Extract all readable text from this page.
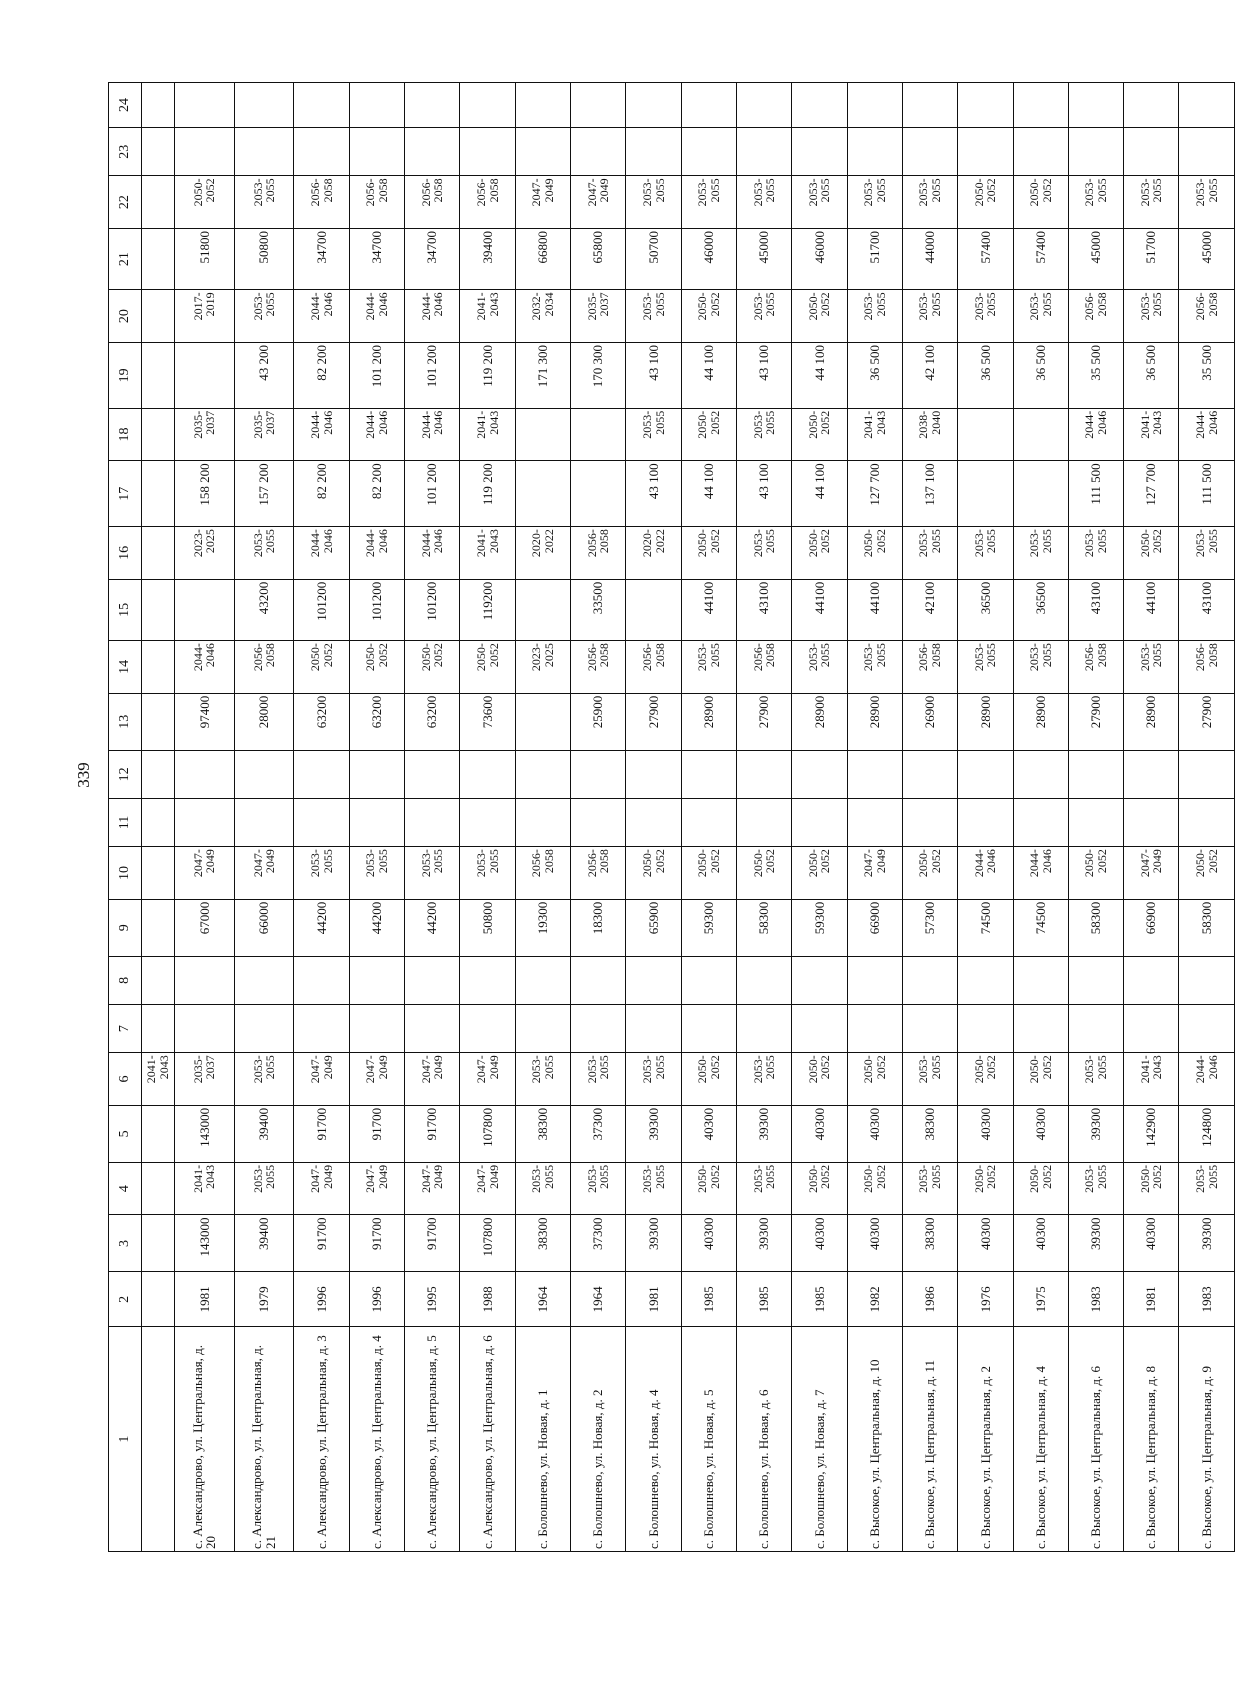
339
1	2	3	4	5	6	7	8	9	10	11	12	13	14	15	16	17	18	19	20	21	22	23	24
					2041-2043																		
с. Александрово, ул. Центральная, д. 20	1981	143000	2041-2043	143000	2035-2037			67000	2047-2049			97400	2044-2046		2023-2025	158 200	2035-2037		2017-2019	51800	2050-2052		
с. Александрово, ул. Центральная, д. 21	1979	39400	2053-2055	39400	2053-2055			66000	2047-2049			28000	2056-2058	43200	2053-2055	157 200	2035-2037	43 200	2053-2055	50800	2053-2055		
с. Александрово, ул. Центральная, д. 3	1996	91700	2047-2049	91700	2047-2049			44200	2053-2055			63200	2050-2052	101200	2044-2046	82 200	2044-2046	82 200	2044-2046	34700	2056-2058		
с. Александрово, ул. Центральная, д. 4	1996	91700	2047-2049	91700	2047-2049			44200	2053-2055			63200	2050-2052	101200	2044-2046	82 200	2044-2046	101 200	2044-2046	34700	2056-2058		
с. Александрово, ул. Центральная, д. 5	1995	91700	2047-2049	91700	2047-2049			44200	2053-2055			63200	2050-2052	101200	2044-2046	101 200	2044-2046	101 200	2044-2046	34700	2056-2058		
с. Александрово, ул. Центральная, д. 6	1988	107800	2047-2049	107800	2047-2049			50800	2053-2055			73600	2050-2052	119200	2041-2043	119 200	2041-2043	119 200	2041-2043	39400	2056-2058		
с. Болошнево, ул. Новая, д. 1	1964	38300	2053-2055	38300	2053-2055			19300	2056-2058				2023-2025		2020-2022			171 300	2032-2034	66800	2047-2049		
с. Болошнево, ул. Новая, д. 2	1964	37300	2053-2055	37300	2053-2055			18300	2056-2058			25900	2056-2058	33500	2056-2058			170 300	2035-2037	65800	2047-2049		
с. Болошнево, ул. Новая, д. 4	1981	39300	2053-2055	39300	2053-2055			65900	2050-2052			27900	2056-2058		2020-2022	43 100	2053-2055	43 100	2053-2055	50700	2053-2055		
с. Болошнево, ул. Новая, д. 5	1985	40300	2050-2052	40300	2050-2052			59300	2050-2052			28900	2053-2055	44100	2050-2052	44 100	2050-2052	44 100	2050-2052	46000	2053-2055		
с. Болошнево, ул. Новая, д. 6	1985	39300	2053-2055	39300	2053-2055			58300	2050-2052			27900	2056-2058	43100	2053-2055	43 100	2053-2055	43 100	2053-2055	45000	2053-2055		
с. Болошнево, ул. Новая, д. 7	1985	40300	2050-2052	40300	2050-2052			59300	2050-2052			28900	2053-2055	44100	2050-2052	44 100	2050-2052	44 100	2050-2052	46000	2053-2055		
с. Высокое, ул. Центральная, д. 10	1982	40300	2050-2052	40300	2050-2052			66900	2047-2049			28900	2053-2055	44100	2050-2052	127 700	2041-2043	36 500	2053-2055	51700	2053-2055		
с. Высокое, ул. Центральная, д. 11	1986	38300	2053-2055	38300	2053-2055			57300	2050-2052			26900	2056-2058	42100	2053-2055	137 100	2038-2040	42 100	2053-2055	44000	2053-2055		
с. Высокое, ул. Центральная, д. 2	1976	40300	2050-2052	40300	2050-2052			74500	2044-2046			28900	2053-2055	36500	2053-2055			36 500	2053-2055	57400	2050-2052		
с. Высокое, ул. Центральная, д. 4	1975	40300	2050-2052	40300	2050-2052			74500	2044-2046			28900	2053-2055	36500	2053-2055			36 500	2053-2055	57400	2050-2052		
с. Высокое, ул. Центральная, д. 6	1983	39300	2053-2055	39300	2053-2055			58300	2050-2052			27900	2056-2058	43100	2053-2055	111 500	2044-2046	35 500	2056-2058	45000	2053-2055		
с. Высокое, ул. Центральная, д. 8	1981	40300	2050-2052	142900	2041-2043			66900	2047-2049			28900	2053-2055	44100	2050-2052	127 700	2041-2043	36 500	2053-2055	51700	2053-2055		
с. Высокое, ул. Центральная, д. 9	1983	39300	2053-2055	124800	2044-2046			58300	2050-2052			27900	2056-2058	43100	2053-2055	111 500	2044-2046	35 500	2056-2058	45000	2053-2055		
